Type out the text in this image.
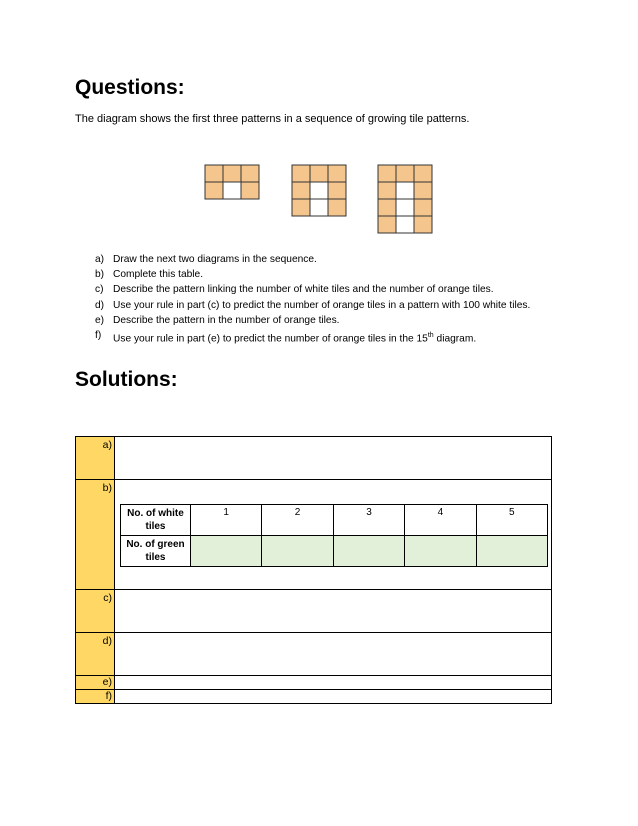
Questions:
The diagram shows the first three patterns in a sequence of growing tile patterns.
a) Draw the next two diagrams in the sequence.
b) Complete this table.
c) Describe the pattern linking the number of white tiles and the number of orange tiles.
d) Use your rule in part (c) to predict the number of orange tiles in a pattern with 100 white tiles.
e) Describe the pattern in the number of orange tiles.
f)	Use your rule in part (e) to predict the number of orange tiles in the 15th diagram.
Solutions:
a)	
b)	
No. of white tiles	1	2	3	4	5
No. of green tiles					

c)	
d)	
e)	
f)	
